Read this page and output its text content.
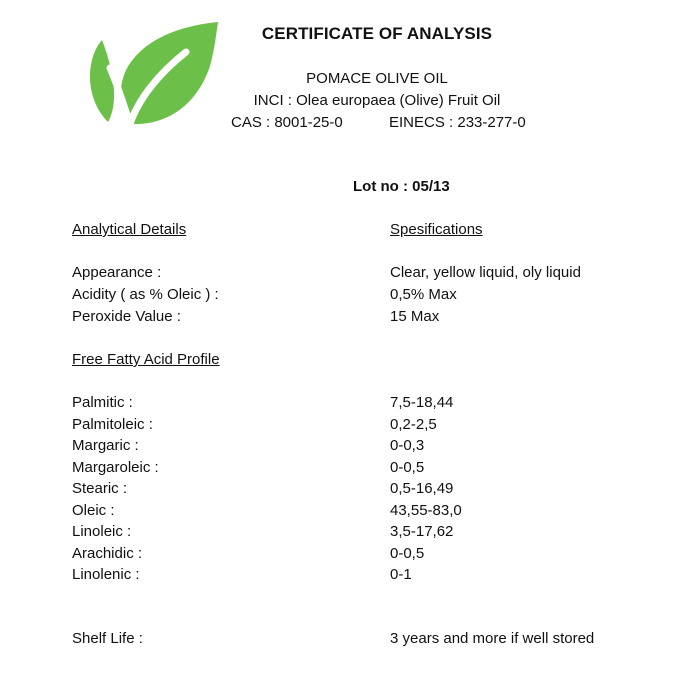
CERTIFICATE OF ANALYSIS
POMACE OLIVE OIL
INCI : Olea europaea (Olive) Fruit Oil
CAS : 8001-25-0	EINECS : 233-277-0
Lot no : 05/13
Analytical Details	Spesifications
Appearance :	Clear, yellow liquid, oly liquid
Acidity ( as % Oleic ) :	0,5% Max
Peroxide Value :	15 Max
Free Fatty Acid Profile
Palmitic :	7,5-18,44
Palmitoleic :	0,2-2,5
Margaric :	0-0,3
Margaroleic :	0-0,5
Stearic :	0,5-16,49
Oleic :	43,55-83,0
Linoleic :	3,5-17,62
Arachidic :	0-0,5
Linolenic :	0-1
Shelf Life :	3 years and more if well stored
